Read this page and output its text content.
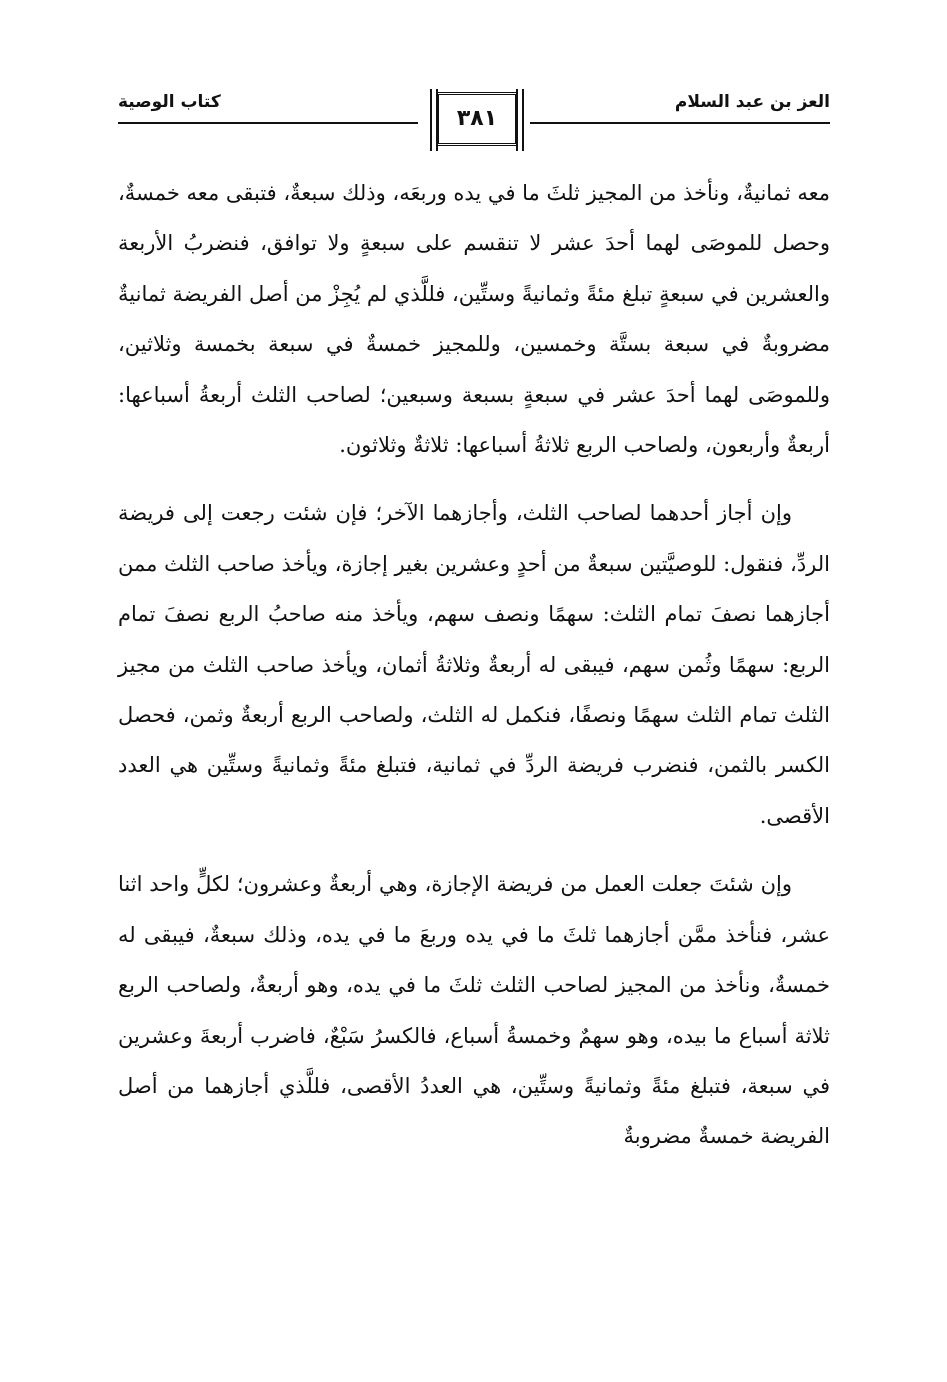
العز بن عبد السلام
٣٨١
كتاب الوصية

معه ثمانيةٌ، ونأخذ من المجيز ثلثَ ما في يده وربعَه، وذلك سبعةٌ، فتبقى معه خمسةٌ، وحصل للموصَى لهما أحدَ عشر لا تنقسم على سبعةٍ ولا توافق، فنضربُ الأربعة والعشرين في سبعةٍ تبلغ مئةً وثمانيةً وستِّين، فللَّذي لم يُجِزْ من أصل الفريضة ثمانيةٌ مضروبةٌ في سبعة بستَّة وخمسين، وللمجيز خمسةٌ في سبعة بخمسة وثلاثين، وللموصَى لهما أحدَ عشر في سبعةٍ بسبعة وسبعين؛ لصاحب الثلث أربعةُ أسباعها: أربعةٌ وأربعون، ولصاحب الربع ثلاثةُ أسباعها: ثلاثةٌ وثلاثون.

وإن أجاز أحدهما لصاحب الثلث، وأجازهما الآخر؛ فإن شئت رجعت إلى فريضة الردِّ، فنقول: للوصيَّتين سبعةٌ من أحدٍ وعشرين بغير إجازة، ويأخذ صاحب الثلث ممن أجازهما نصفَ تمام الثلث: سهمًا ونصف سهم، ويأخذ منه صاحبُ الربع نصفَ تمام الربع: سهمًا وثُمن سهم، فيبقى له أربعةٌ وثلاثةُ أثمان، ويأخذ صاحب الثلث من مجيز الثلث تمام الثلث سهمًا ونصفًا، فنكمل له الثلث، ولصاحب الربع أربعةٌ وثمن، فحصل الكسر بالثمن، فنضرب فريضة الردِّ في ثمانية، فتبلغ مئةً وثمانيةً وستِّين هي العدد الأقصى.

وإن شئتَ جعلت العمل من فريضة الإجازة، وهي أربعةٌ وعشرون؛ لكلٍّ واحد اثنا عشر، فنأخذ ممَّن أجازهما ثلثَ ما في يده وربعَ ما في يده، وذلك سبعةٌ، فيبقى له خمسةٌ، ونأخذ من المجيز لصاحب الثلث ثلثَ ما في يده، وهو أربعةٌ، ولصاحب الربع ثلاثة أسباع ما بيده، وهو سهمٌ وخمسةُ أسباع، فالكسرُ سَبْعٌ، فاضرب أربعةَ وعشرين في سبعة، فتبلغ مئةً وثمانيةً وستِّين، هي العددُ الأقصى، فللَّذي أجازهما من أصل الفريضة خمسةٌ مضروبةٌ
